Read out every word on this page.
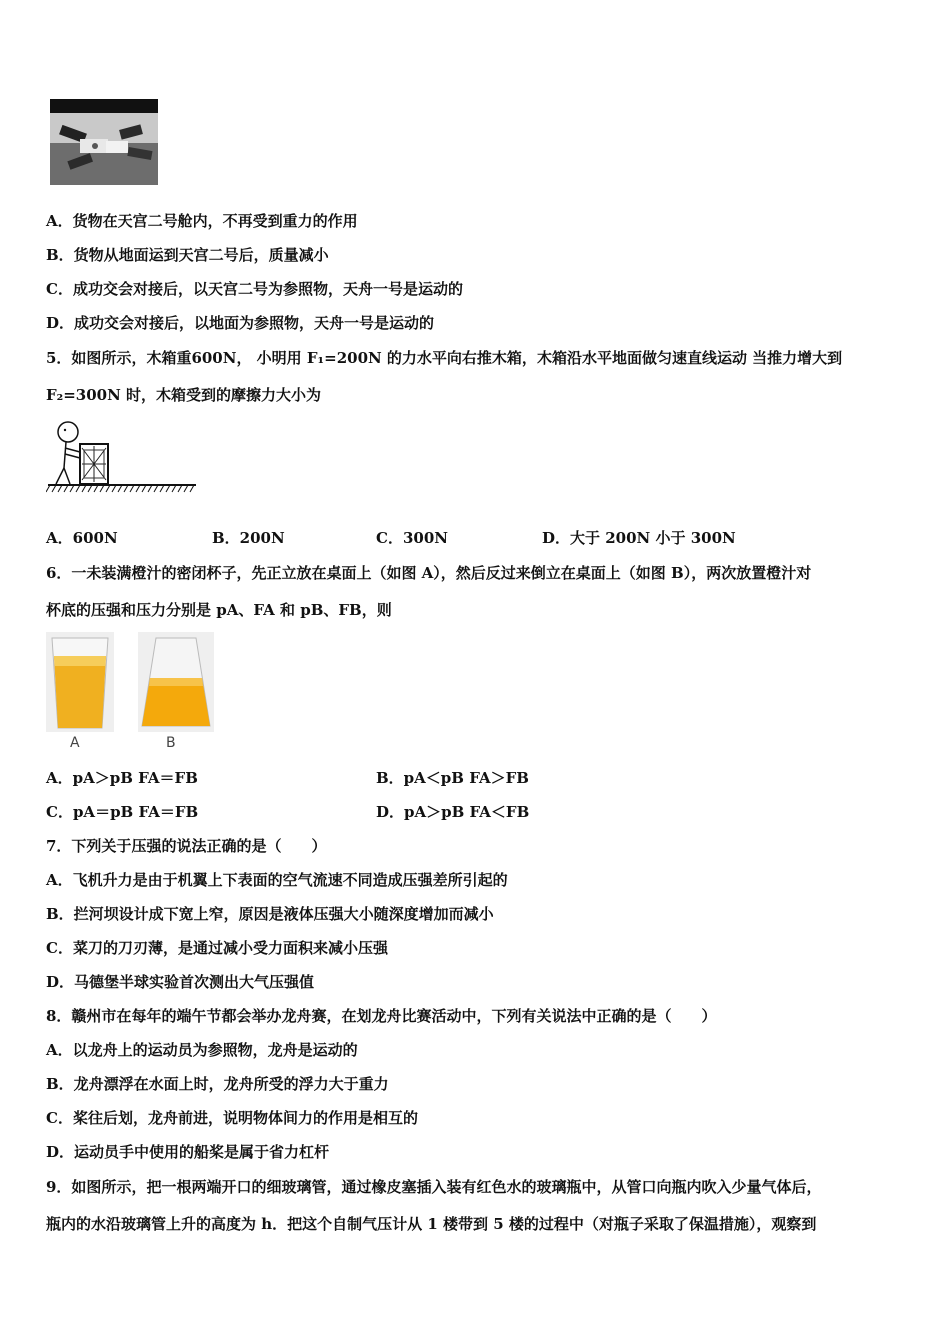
A．货物在天宫二号舱内，不再受到重力的作用
B．货物从地面运到天宫二号后，质量减小
C．成功交会对接后，以天宫二号为参照物，天舟一号是运动的
D．成功交会对接后，以地面为参照物，天舟一号是运动的
5．如图所示，木箱重600N， 小明用 F₁=200N 的力水平向右推木箱，木箱沿水平地面做匀速直线运动 当推力增大到
F₂=300N 时，木箱受到的摩擦力大小为
A．600N	B．200N	C．300N	D．大于 200N 小于 300N
6．一未装满橙汁的密闭杯子，先正立放在桌面上（如图 A），然后反过来倒立在桌面上（如图 B），两次放置橙汁对
杯底的压强和压力分别是 pA、FA 和 pB、FB，则
A	B
A．pA＞pB FA＝FB	B．pA＜pB FA＞FB
C．pA＝pB FA＝FB	D．pA＞pB FA＜FB
7．下列关于压强的说法正确的是（　　）
A．飞机升力是由于机翼上下表面的空气流速不同造成压强差所引起的
B．拦河坝设计成下宽上窄，原因是液体压强大小随深度增加而减小
C．菜刀的刀刃薄，是通过减小受力面积来减小压强
D．马德堡半球实验首次测出大气压强值
8．赣州市在每年的端午节都会举办龙舟赛，在划龙舟比赛活动中，下列有关说法中正确的是（　　）
A．以龙舟上的运动员为参照物，龙舟是运动的
B．龙舟漂浮在水面上时，龙舟所受的浮力大于重力
C．桨往后划，龙舟前进，说明物体间力的作用是相互的
D．运动员手中使用的船桨是属于省力杠杆
9．如图所示，把一根两端开口的细玻璃管，通过橡皮塞插入装有红色水的玻璃瓶中，从管口向瓶内吹入少量气体后，
瓶内的水沿玻璃管上升的高度为 h．把这个自制气压计从 1 楼带到 5 楼的过程中（对瓶子采取了保温措施），观察到
